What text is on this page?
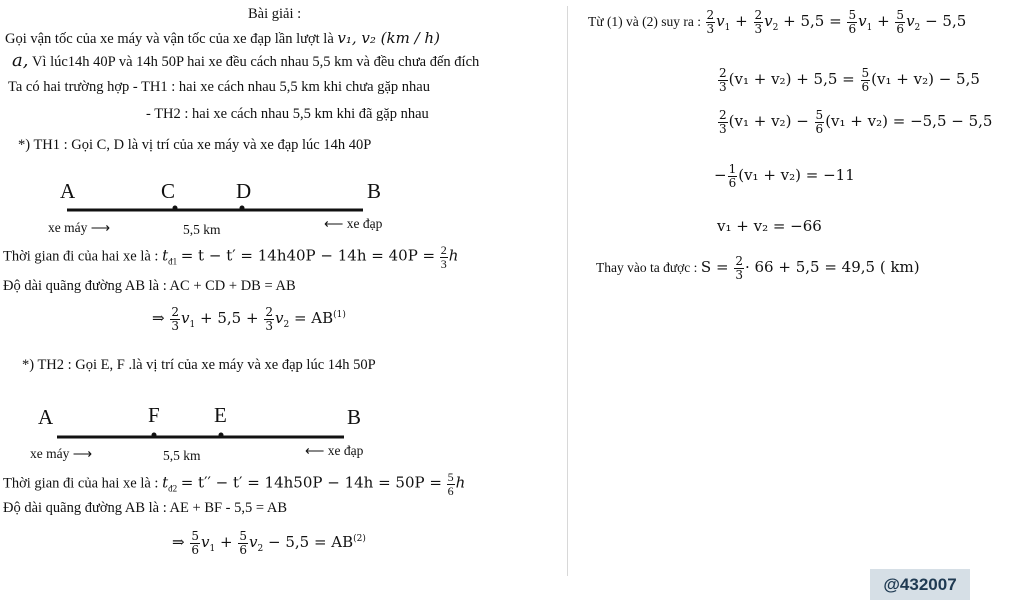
Bài giải :
Gọi vận tốc của xe máy và vận tốc của xe đạp lần lượt là v₁, v₂ (km / h)
a, Vì lúc14h 40P và 14h 50P hai xe đều cách nhau 5,5 km và đều chưa đến đích
Ta có hai trường hợp - TH1 : hai xe cách nhau 5,5 km khi chưa gặp nhau
- TH2 : hai xe cách nhau 5,5 km khi đã gặp nhau
*) TH1 : Gọi C, D là vị trí của xe máy và xe đạp lúc 14h 40P
A	C	D	B
xe máy ⟶	5,5 km	⟵ xe đạp
Thời gian đi của hai xe là : $t_{đ1} = t - t' = 14h40P - 14h = 40P = \frac{2}{3}$ h
Độ dài quãng đường AB là : AC + CD + DB = AB
⇒ $\frac{2}{3} v_1 + 5,5 + \frac{2}{3} v_2 = AB^{(1)}$
*) TH2 : Gọi E, F .là vị trí của xe máy và xe đạp lúc 14h 50P
A	F	E	B
xe máy ⟶	5,5 km	⟵ xe đạp
Thời gian đi của hai xe là : $t_{đ2} = t'' - t' = 14h50P - 14h = 50P = \frac{5}{6}$ h
Độ dài quãng đường AB là : AE + BF - 5,5 = AB
⇒ $\frac{5}{6} v_1 + \frac{5}{6} v_2 - 5,5 = AB^{(2)}$
Từ (1) và (2) suy ra : $\frac{2}{3} v_1 + \frac{2}{3} v_2 + 5,5 = \frac{5}{6} v_1 + \frac{5}{6} v_2 - 5,5$
$\frac{2}{3} (v_1 + v_2) + 5,5 = \frac{5}{6} (v_1 + v_2) - 5,5$
$\frac{2}{3} (v_1 + v_2) - \frac{5}{6} (v_1 + v_2) = -5,5 - 5,5$
− $\frac{1}{6} (v_1 + v_2) = -11$
v₁ + v₂ = −66
Thay vào ta được : $S = \frac{2}{3} \cdot 66 + 5,5 = 49,5$ ( km)
@432007
